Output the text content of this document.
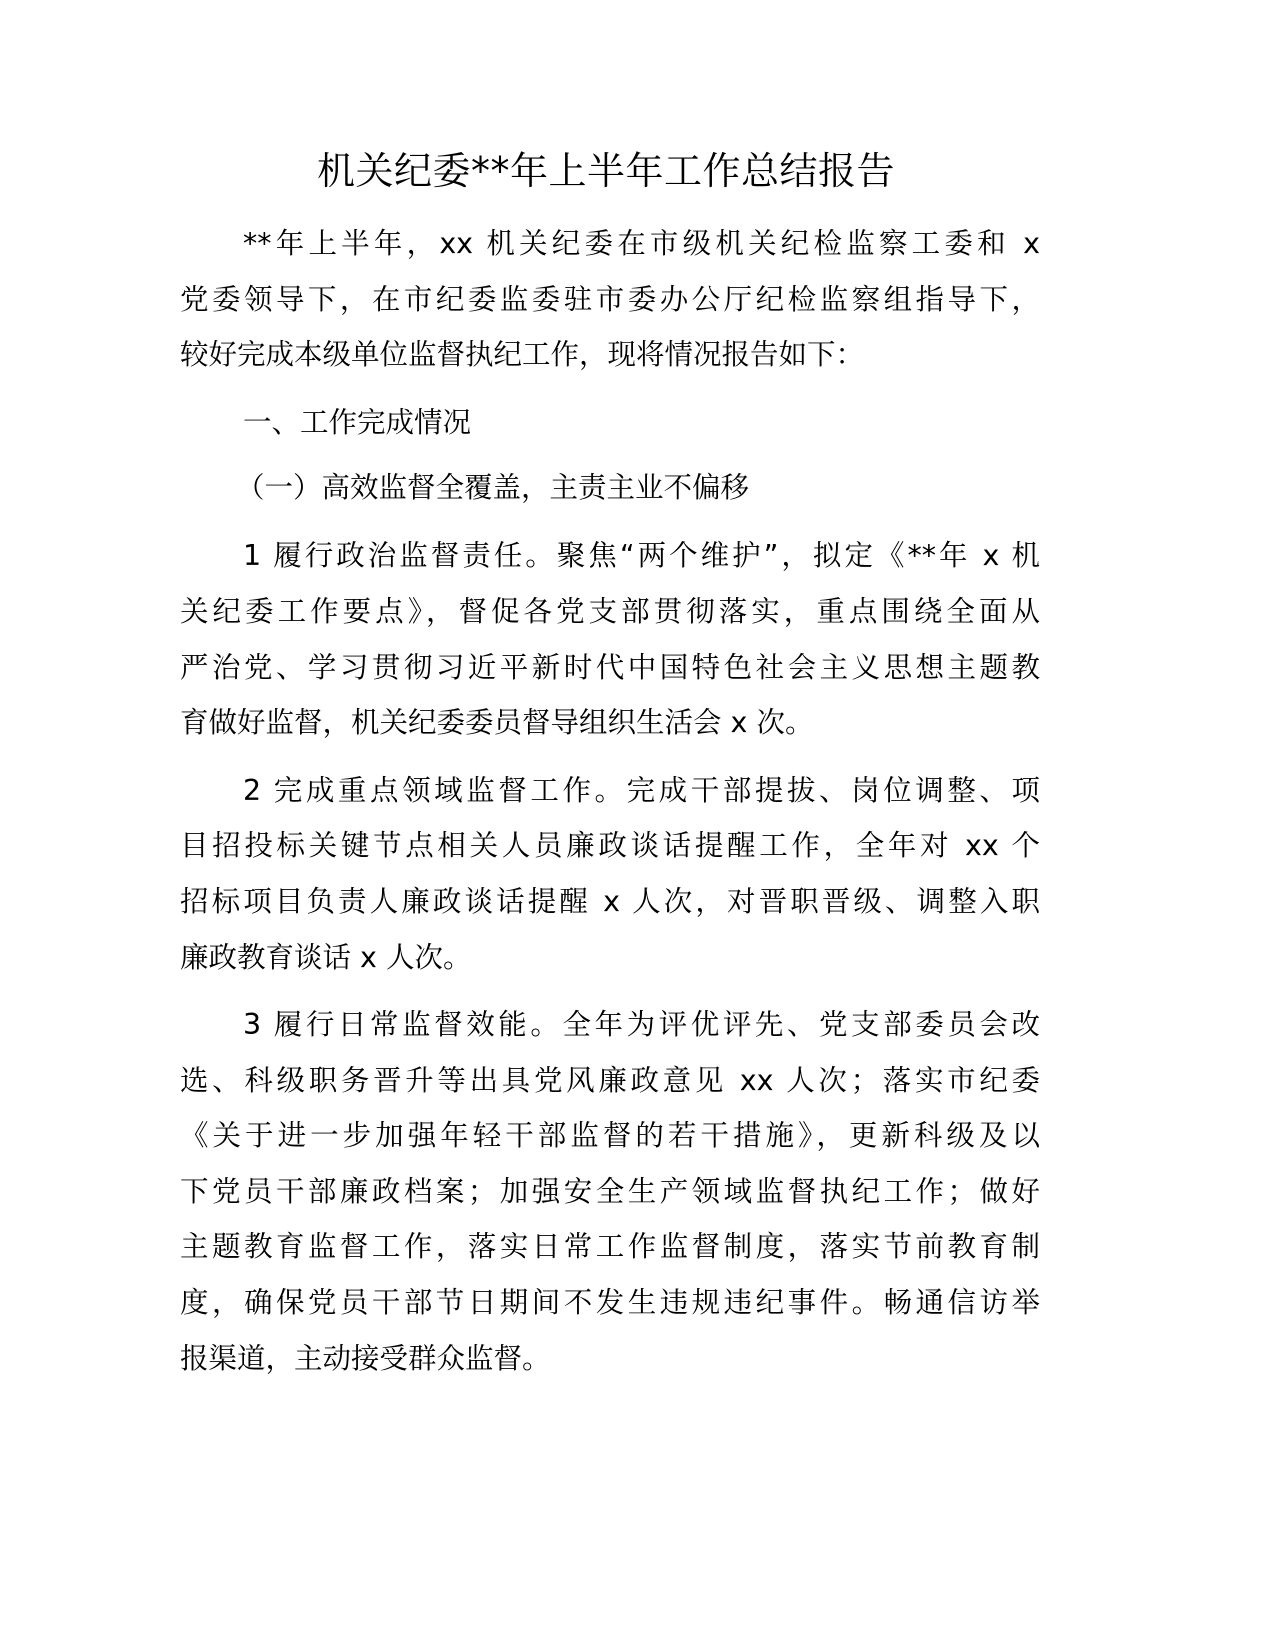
机关纪委**年上半年工作总结报告
**年上半年，xx 机关纪委在市级机关纪检监察工委和 x
党委领导下，在市纪委监委驻市委办公厅纪检监察组指导下，
较好完成本级单位监督执纪工作，现将情况报告如下：
一、工作完成情况
（一）高效监督全覆盖，主责主业不偏移
1 履行政治监督责任。聚焦“两个维护”，拟定《**年 x 机
关纪委工作要点》，督促各党支部贯彻落实，重点围绕全面从
严治党、学习贯彻习近平新时代中国特色社会主义思想主题教
育做好监督，机关纪委委员督导组织生活会 x 次。
2 完成重点领域监督工作。完成干部提拔、岗位调整、项
目招投标关键节点相关人员廉政谈话提醒工作，全年对 xx 个
招标项目负责人廉政谈话提醒 x 人次，对晋职晋级、调整入职
廉政教育谈话 x 人次。
3 履行日常监督效能。全年为评优评先、党支部委员会改
选、科级职务晋升等出具党风廉政意见 xx 人次；落实市纪委
《关于进一步加强年轻干部监督的若干措施》，更新科级及以
下党员干部廉政档案；加强安全生产领域监督执纪工作；做好
主题教育监督工作，落实日常工作监督制度，落实节前教育制
度，确保党员干部节日期间不发生违规违纪事件。畅通信访举
报渠道，主动接受群众监督。
